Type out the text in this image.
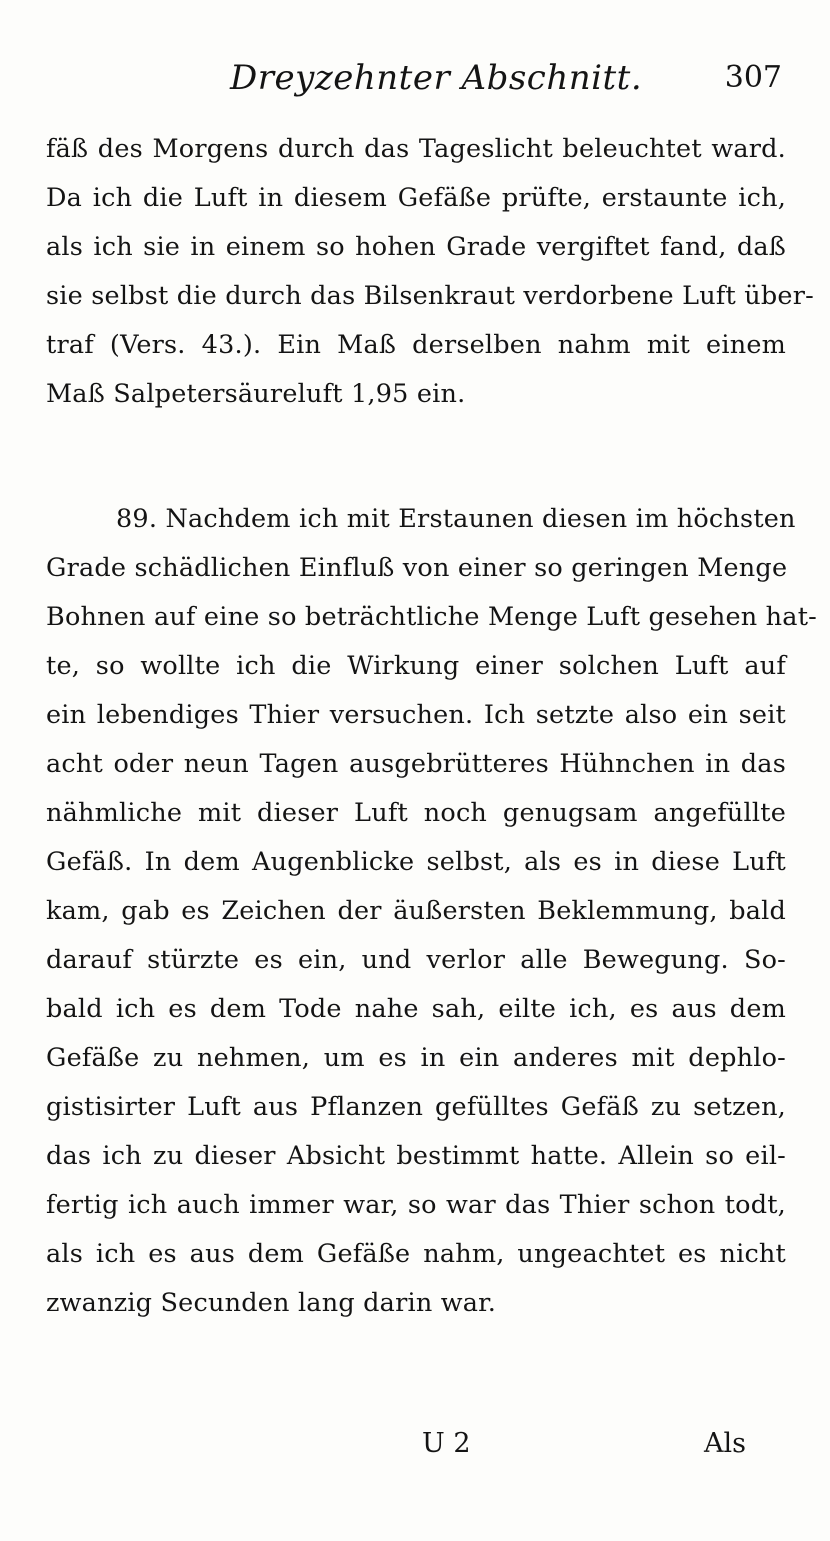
Dreyzehnter Abschnitt.	307
fäß des Morgens durch das Tageslicht beleuchtet ward.
Da ich die Luft in diesem Gefäße prüfte, erstaunte ich,
als ich sie in einem so hohen Grade vergiftet fand, daß
sie selbst die durch das Bilsenkraut verdorbene Luft über-
traf (Vers. 43.). Ein Maß derselben nahm mit einem
Maß Salpetersäureluft 1,95 ein.
89. Nachdem ich mit Erstaunen diesen im höchsten
Grade schädlichen Einfluß von einer so geringen Menge
Bohnen auf eine so beträchtliche Menge Luft gesehen hat-
te, so wollte ich die Wirkung einer solchen Luft auf
ein lebendiges Thier versuchen. Ich setzte also ein seit
acht oder neun Tagen ausgebrütteres Hühnchen in das
nähmliche mit dieser Luft noch genugsam angefüllte
Gefäß. In dem Augenblicke selbst, als es in diese Luft
kam, gab es Zeichen der äußersten Beklemmung, bald
darauf stürzte es ein, und verlor alle Bewegung. So-
bald ich es dem Tode nahe sah, eilte ich, es aus dem
Gefäße zu nehmen, um es in ein anderes mit dephlo-
gistisirter Luft aus Pflanzen gefülltes Gefäß zu setzen,
das ich zu dieser Absicht bestimmt hatte. Allein so eil-
fertig ich auch immer war, so war das Thier schon todt,
als ich es aus dem Gefäße nahm, ungeachtet es nicht
zwanzig Secunden lang darin war.
U 2	Als
